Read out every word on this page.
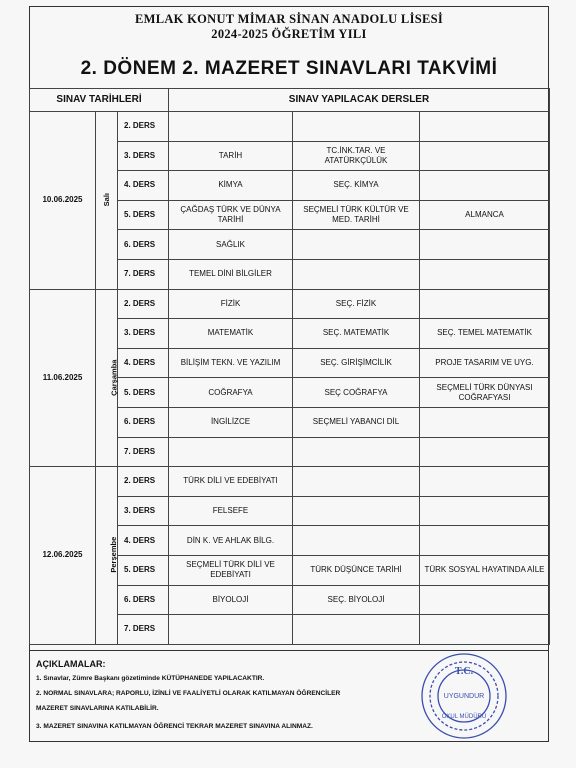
EMLAK KONUT MİMAR SİNAN ANADOLU LİSESİ
2024-2025 ÖĞRETİM YILI
2. DÖNEM 2. MAZERET SINAVLARI TAKVİMİ
SINAV TARİHLERİ			SINAV YAPILACAK DERSLER		
10.06.2025	Salı	2. DERS			
		3. DERS	TARİH	TC.İNK.TAR. VE ATATÜRKÇÜLÜK	
		4. DERS	KİMYA	SEÇ. KİMYA	
		5. DERS	ÇAĞDAŞ TÜRK VE DÜNYA TARİHİ	SEÇMELİ TÜRK KÜLTÜR VE MED. TARİHİ	ALMANCA
		6. DERS	SAĞLIK		
		7. DERS	TEMEL DİNİ BİLGİLER		
11.06.2025	Çarşamba	2. DERS	FİZİK	SEÇ. FİZİK	
		3. DERS	MATEMATİK	SEÇ. MATEMATİK	SEÇ. TEMEL MATEMATİK
		4. DERS	BİLİŞİM TEKN. VE YAZILIM	SEÇ. GİRİŞİMCİLİK	PROJE TASARIM VE UYG.
		5. DERS	COĞRAFYA	SEÇ COĞRAFYA	SEÇMELİ TÜRK DÜNYASI COĞRAFYASI
		6. DERS	İNGİLİZCE	SEÇMELİ YABANCI DİL	
		7. DERS			
12.06.2025	Perşembe	2. DERS	TÜRK DİLİ VE EDEBİYATI		
		3. DERS	FELSEFE		
		4. DERS	DİN K. VE AHLAK BİLG.		
		5. DERS	SEÇMELİ TÜRK DİLİ VE EDEBİYATI	TÜRK DÜŞÜNCE TARİHİ	TÜRK SOSYAL HAYATINDA AİLE
		6. DERS	BİYOLOJİ	SEÇ. BİYOLOJİ	
		7. DERS			
AÇIKLAMALAR:
1. Sınavlar, Zümre Başkanı gözetiminde KÜTÜPHANEDE YAPILACAKTIR.
2. NORMAL SINAVLARA; RAPORLU, İZİNLİ VE FAALİYETLİ OLARAK KATILMAYAN ÖĞRENCİLER
MAZERET SINAVLARINA KATILABİLİR.
3. MAZERET SINAVINA KATILMAYAN ÖĞRENCİ TEKRAR MAZERET SINAVINA ALINMAZ.
T.C.
UYGUNDUR
OKUL MÜDÜRÜ
